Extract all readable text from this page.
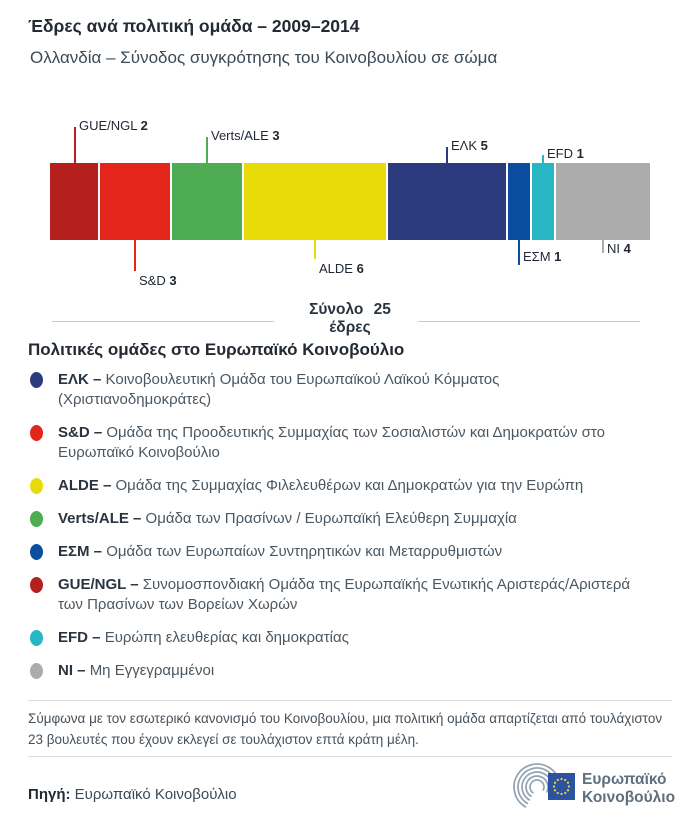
Έδρες ανά πολιτική ομάδα – 2009–2014
Ολλανδία – Σύνοδος συγκρότησης του Κοινοβουλίου σε σώμα
GUE/NGL 2
S&D 3
Verts/ALE 3
ALDE 6
ΕΛΚ 5
ΕΣΜ 1
EFD 1
NI 4
Σύνολο 25
έδρες
Πολιτικές ομάδες στο Ευρωπαϊκό Κοινοβούλιο
ΕΛΚ – Κοινοβουλευτική Ομάδα του Ευρωπαϊκού Λαϊκού Κόμματος (Χριστιανοδημοκράτες)
S&D – Ομάδα της Προοδευτικής Συμμαχίας των Σοσιαλιστών και Δημοκρατών στο Ευρωπαϊκό Κοινοβούλιο
ALDE – Ομάδα της Συμμαχίας Φιλελευθέρων και Δημοκρατών για την Ευρώπη
Verts/ALE – Ομάδα των Πρασίνων / Ευρωπαϊκή Ελεύθερη Συμμαχία
ΕΣΜ – Ομάδα των Ευρωπαίων Συντηρητικών και Μεταρρυθμιστών
GUE/NGL – Συνομοσπονδιακή Ομάδα της Ευρωπαϊκής Ενωτικής Αριστεράς/Αριστερά των Πρασίνων των Βορείων Χωρών
EFD – Ευρώπη ελευθερίας και δημοκρατίας
NI – Μη Εγγεγραμμένοι

Σύμφωνα με τον εσωτερικό κανονισμό του Κοινοβουλίου, μια πολιτική ομάδα απαρτίζεται από τουλάχιστον 23 βουλευτές που έχουν εκλεγεί σε τουλάχιστον επτά κράτη μέλη.

Πηγή: Ευρωπαϊκό Κοινοβούλιο
Ευρωπαϊκό
Κοινοβούλιο
